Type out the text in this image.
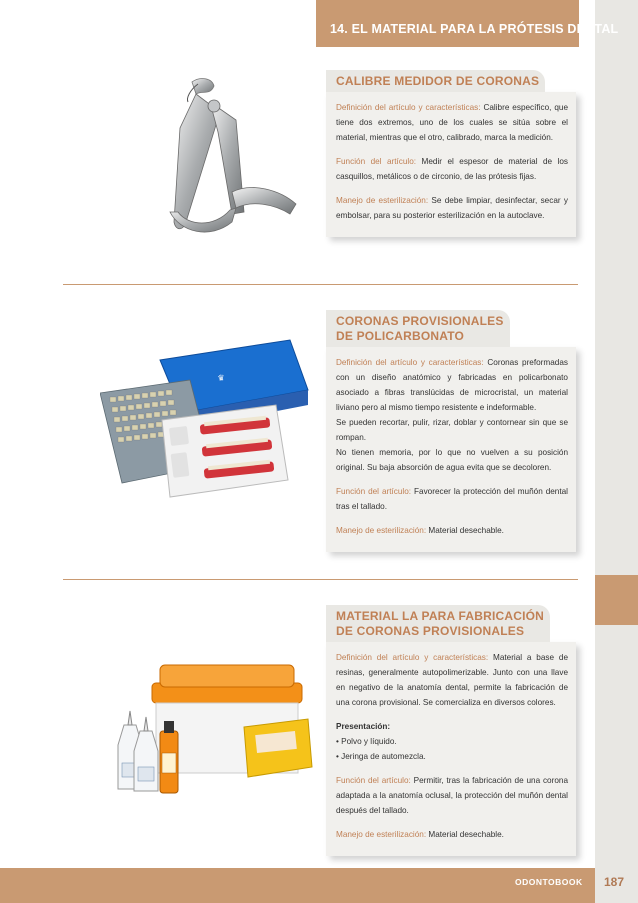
14. EL MATERIAL PARA LA PRÓTESIS DENTAL
CALIBRE MEDIDOR DE CORONAS

Definición del artículo y características: Calibre específico, que tiene dos extremos, uno de los cuales se sitúa sobre el material, mientras que el otro, calibrado, marca la medición.

Función del artículo: Medir el espesor de material de los casquillos, metálicos o de circonio, de las prótesis fijas.

Manejo de esterilización: Se debe limpiar, desinfectar, secar y embolsar, para su posterior esterilización en la autoclave.

♛
CORONAS PROVISIONALES
DE POLICARBONATO

Definición del artículo y características: Coronas preformadas con un diseño anatómico y fabricadas en policarbonato asociado a fibras translúcidas de microcristal, un material liviano pero al mismo tiempo resistente e indeformable.

Se pueden recortar, pulir, rizar, doblar y contornear sin que se rompan.

No tienen memoria, por lo que no vuelven a su posición original. Su baja absorción de agua evita que se decoloren.

Función del artículo: Favorecer la protección del muñón dental tras el tallado.

Manejo de esterilización: Material desechable.

MATERIAL LA PARA FABRICACIÓN
DE CORONAS PROVISIONALES

Definición del artículo y características: Material a base de resinas, generalmente autopolimerizable. Junto con una llave en negativo de la anatomía dental, permite la fabricación de una corona provisional. Se comercializa en diversos colores.

Presentación:
• Polvo y líquido.
• Jeringa de automezcla.

Función del artículo: Permitir, tras la fabricación de una corona adaptada a la anatomía oclusal, la protección del muñón dental después del tallado.

Manejo de esterilización: Material desechable.

ODONTOBOOK 187
